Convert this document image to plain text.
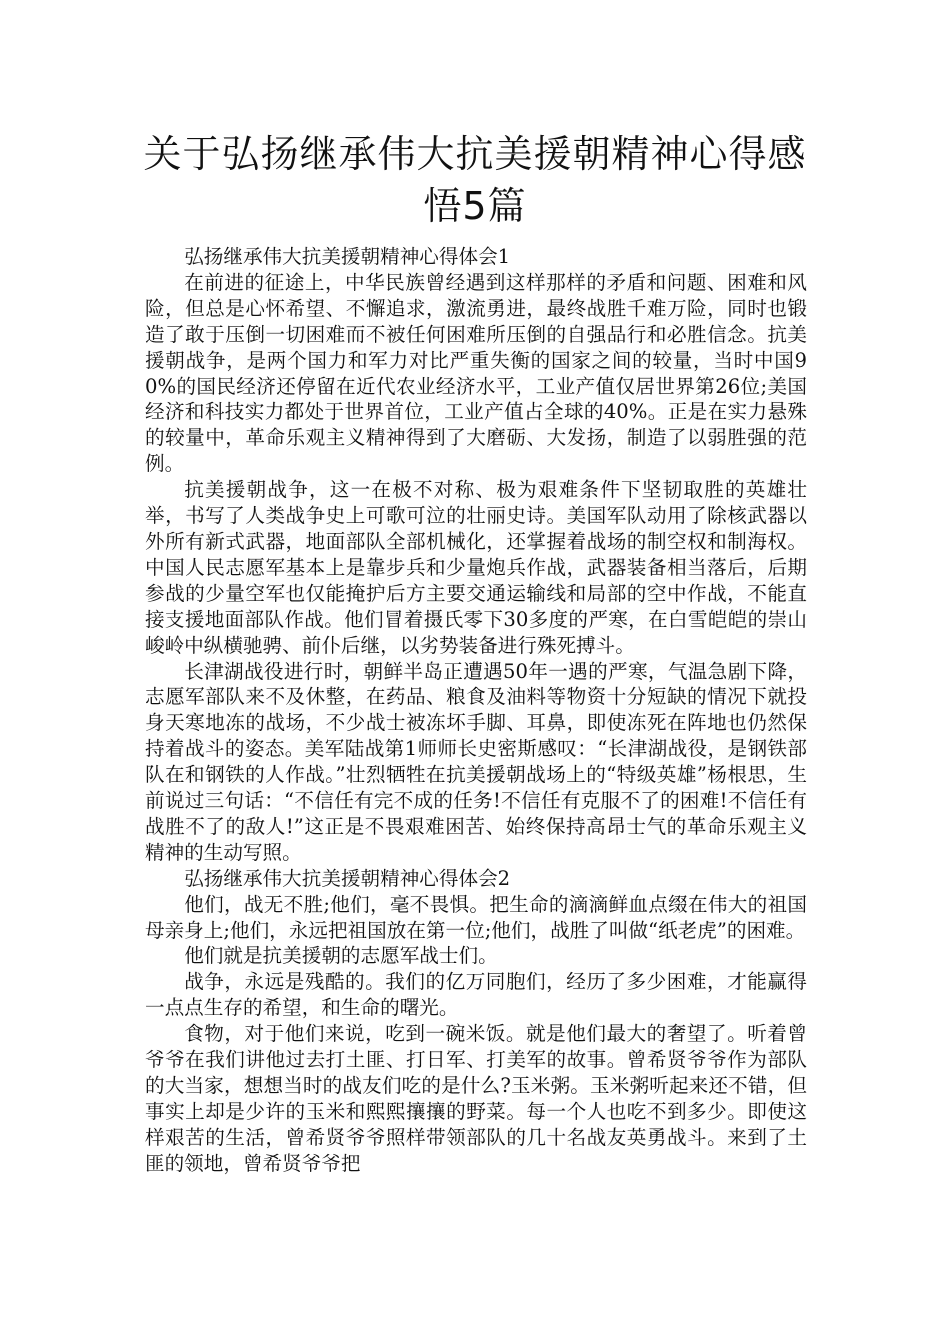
关于弘扬继承伟大抗美援朝精神心得感
悟5篇

弘扬继承伟大抗美援朝精神心得体会1

在前进的征途上，中华民族曾经遇到这样那样的矛盾和问题、困难和风险，但总是心怀希望、不懈追求，激流勇进，最终战胜千难万险，同时也锻造了敢于压倒一切困难而不被任何困难所压倒的自强品行和必胜信念。抗美援朝战争，是两个国力和军力对比严重失衡的国家之间的较量，当时中国90%的国民经济还停留在近代农业经济水平，工业产值仅居世界第26位;美国经济和科技实力都处于世界首位，工业产值占全球的40%。正是在实力悬殊的较量中，革命乐观主义精神得到了大磨砺、大发扬，制造了以弱胜强的范例。

抗美援朝战争，这一在极不对称、极为艰难条件下坚韧取胜的英雄壮举，书写了人类战争史上可歌可泣的壮丽史诗。美国军队动用了除核武器以外所有新式武器，地面部队全部机械化，还掌握着战场的制空权和制海权。中国人民志愿军基本上是靠步兵和少量炮兵作战，武器装备相当落后，后期参战的少量空军也仅能掩护后方主要交通运输线和局部的空中作战，不能直接支援地面部队作战。他们冒着摄氏零下30多度的严寒，在白雪皑皑的崇山峻岭中纵横驰骋、前仆后继，以劣势装备进行殊死搏斗。

长津湖战役进行时，朝鲜半岛正遭遇50年一遇的严寒，气温急剧下降，志愿军部队来不及休整，在药品、粮食及油料等物资十分短缺的情况下就投身天寒地冻的战场，不少战士被冻坏手脚、耳鼻，即使冻死在阵地也仍然保持着战斗的姿态。美军陆战第1师师长史密斯感叹：“长津湖战役，是钢铁部队在和钢铁的人作战。”壮烈牺牲在抗美援朝战场上的“特级英雄”杨根思，生前说过三句话：“不信任有完不成的任务!不信任有克服不了的困难!不信任有战胜不了的敌人!”这正是不畏艰难困苦、始终保持高昂士气的革命乐观主义精神的生动写照。

弘扬继承伟大抗美援朝精神心得体会2

他们，战无不胜;他们，毫不畏惧。把生命的滴滴鲜血点缀在伟大的祖国母亲身上;他们，永远把祖国放在第一位;他们，战胜了叫做“纸老虎”的困难。

他们就是抗美援朝的志愿军战士们。

战争，永远是残酷的。我们的亿万同胞们，经历了多少困难，才能赢得一点点生存的希望，和生命的曙光。

食物，对于他们来说，吃到一碗米饭。就是他们最大的奢望了。听着曾爷爷在我们讲他过去打土匪、打日军、打美军的故事。曾希贤爷爷作为部队的大当家，想想当时的战友们吃的是什么?玉米粥。玉米粥听起来还不错，但事实上却是少许的玉米和熙熙攘攘的野菜。每一个人也吃不到多少。即使这样艰苦的生活，曾希贤爷爷照样带领部队的几十名战友英勇战斗。来到了土匪的领地，曾希贤爷爷把
